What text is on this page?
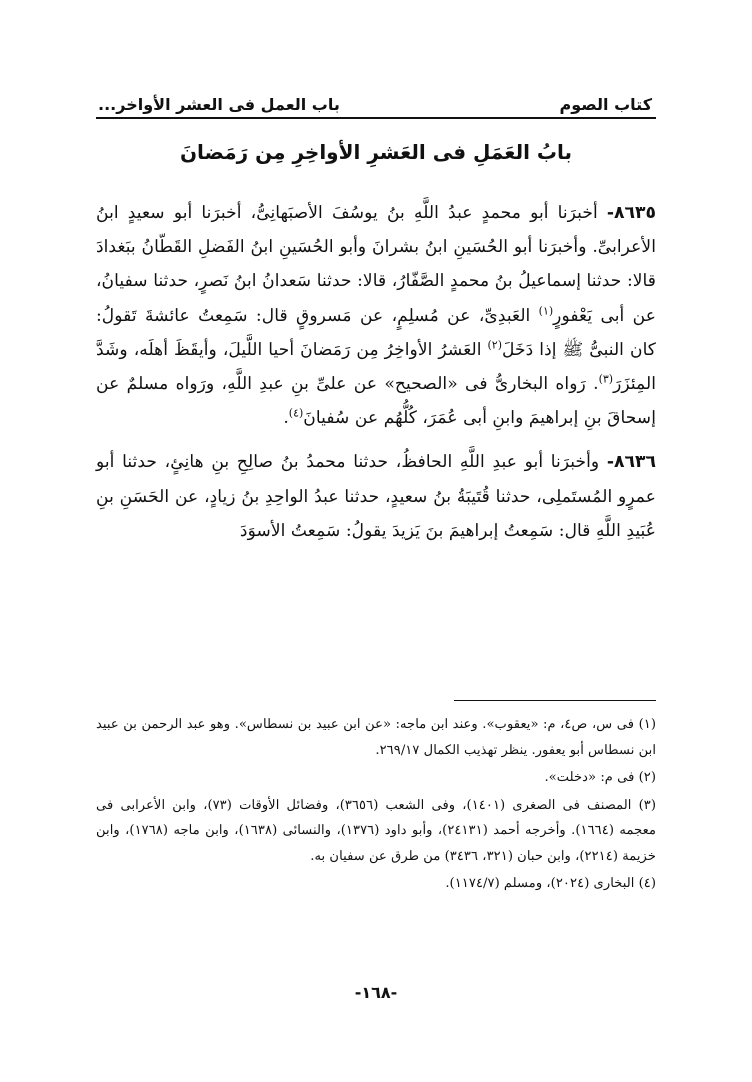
كتاب الصوم
باب العمل فى العشر الأواخر...
بابُ العَمَلِ فى العَشرِ الأواخِرِ مِن رَمَضانَ

٨٦٣٥- أخبرَنا أبو محمدٍ عبدُ اللَّهِ بنُ يوسُفَ الأصبَهانِىُّ، أخبرَنا أبو سعيدٍ ابنُ الأعرابىِّ. وأخبرَنا أبو الحُسَينِ ابنُ بشرانَ وأبو الحُسَينِ ابنُ الفَضلِ القَطّانُ ببَغدادَ قالا: حدثنا إسماعيلُ بنُ محمدٍ الصَّفّارُ، قالا: حدثنا سَعدانُ ابنُ نَصرٍ، حدثنا سفيانُ، عن أبى يَعْفورٍ$^{(١)}$ العَبدِىِّ، عن مُسلِمٍ، عن مَسروقٍ قال: سَمِعتُ عائشةَ تَقولُ: كان النبىُّ ﷺ إذا دَخَلَ$^{(٢)}$ العَشرُ الأواخِرُ مِن رَمَضانَ أحيا اللَّيلَ، وأيقَظَ أهلَه، وشَدَّ المِئزَرَ$^{(٣)}$. رَواه البخارىُّ فى «الصحيح» عن علىِّ بنِ عبدِ اللَّهِ، ورَواه مسلمٌ عن إسحاقَ بنِ إبراهيمَ وابنِ أبى عُمَرَ، كُلُّهُم عن سُفيانَ$^{(٤)}$.

٨٦٣٦- وأخبرَنا أبو عبدِ اللَّهِ الحافظُ، حدثنا محمدُ بنُ صالِحِ بنِ هانِئٍ، حدثنا أبو عمرٍو المُستَملِى، حدثنا قُتَيبَةُ بنُ سعيدٍ، حدثنا عبدُ الواحِدِ بنُ زيادٍ، عن الحَسَنِ بنِ عُبَيدِ اللَّهِ قال: سَمِعتُ إبراهيمَ بنَ يَزيدَ يقولُ: سَمِعتُ الأسوَدَ

(١) فى س، ص٤، م: «يعقوب». وعند ابن ماجه: «عن ابن عبيد بن نسطاس». وهو عبد الرحمن بن عبيد ابن نسطاس أبو يعفور. ينظر تهذيب الكمال ٢٦٩/١٧.

(٢) فى م: «دخلت».

(٣) المصنف فى الصغرى (١٤٠١)، وفى الشعب (٣٦٥٦)، وفضائل الأوقات (٧٣)، وابن الأعرابى فى معجمه (١٦٦٤). وأخرجه أحمد (٢٤١٣١)، وأبو داود (١٣٧٦)، والنسائى (١٦٣٨)، وابن ماجه (١٧٦٨)، وابن خزيمة (٢٢١٤)، وابن حبان (٣٢١، ٣٤٣٦) من طرق عن سفيان به.

(٤) البخارى (٢٠٢٤)، ومسلم (١١٧٤/٧).

-١٦٨-
